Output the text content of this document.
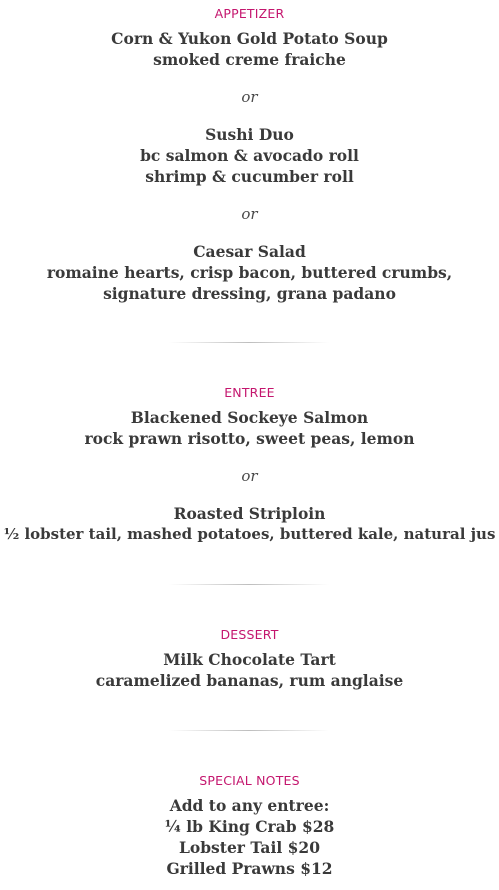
APPETIZER

Corn & Yukon Gold Potato Soup
smoked creme fraiche

or

Sushi Duo
bc salmon & avocado roll
shrimp & cucumber roll

or

Caesar Salad
romaine hearts, crisp bacon, buttered crumbs, signature dressing, grana padano

ENTREE

Blackened Sockeye Salmon
rock prawn risotto, sweet peas, lemon

or

Roasted Striploin
½ lobster tail, mashed potatoes, buttered kale, natural jus

DESSERT

Milk Chocolate Tart
caramelized bananas, rum anglaise

SPECIAL NOTES

Add to any entree:
¼ lb King Crab $28
Lobster Tail $20
Grilled Prawns $12
